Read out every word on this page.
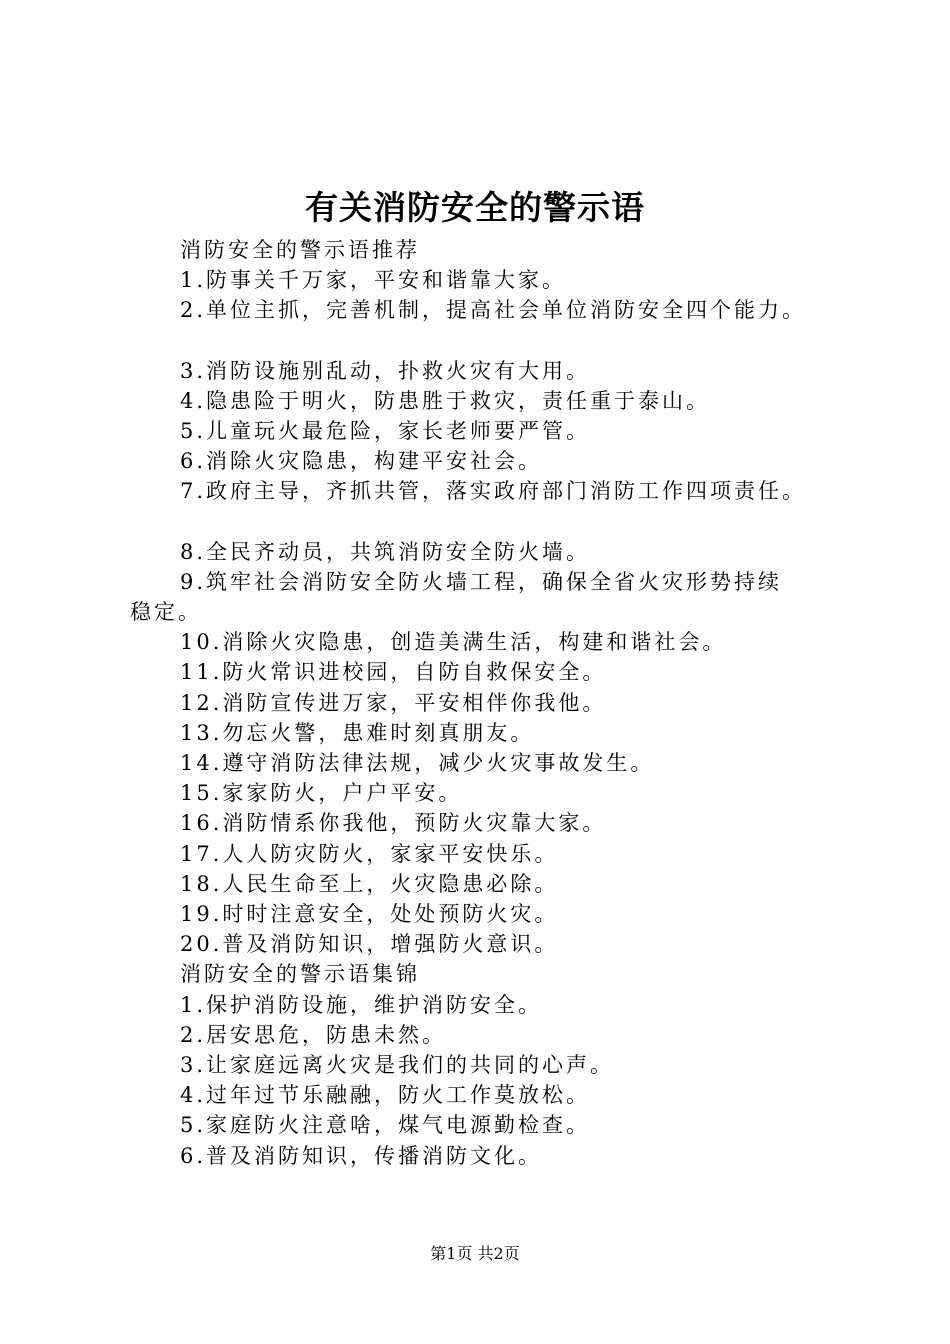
有关消防安全的警示语
消防安全的警示语推荐
1.防事关千万家，平安和谐靠大家。
2.单位主抓，完善机制，提高社会单位消防安全四个能力。
3.消防设施别乱动，扑救火灾有大用。
4.隐患险于明火，防患胜于救灾，责任重于泰山。
5.儿童玩火最危险，家长老师要严管。
6.消除火灾隐患，构建平安社会。
7.政府主导，齐抓共管，落实政府部门消防工作四项责任。
8.全民齐动员，共筑消防安全防火墙。
9.筑牢社会消防安全防火墙工程，确保全省火灾形势持续
稳定。
10.消除火灾隐患，创造美满生活，构建和谐社会。
11.防火常识进校园，自防自救保安全。
12.消防宣传进万家，平安相伴你我他。
13.勿忘火警，患难时刻真朋友。
14.遵守消防法律法规，减少火灾事故发生。
15.家家防火，户户平安。
16.消防情系你我他，预防火灾靠大家。
17.人人防灾防火，家家平安快乐。
18.人民生命至上，火灾隐患必除。
19.时时注意安全，处处预防火灾。
20.普及消防知识，增强防火意识。
消防安全的警示语集锦
1.保护消防设施，维护消防安全。
2.居安思危，防患未然。
3.让家庭远离火灾是我们的共同的心声。
4.过年过节乐融融，防火工作莫放松。
5.家庭防火注意啥，煤气电源勤检查。
6.普及消防知识，传播消防文化。
第1页 共2页
